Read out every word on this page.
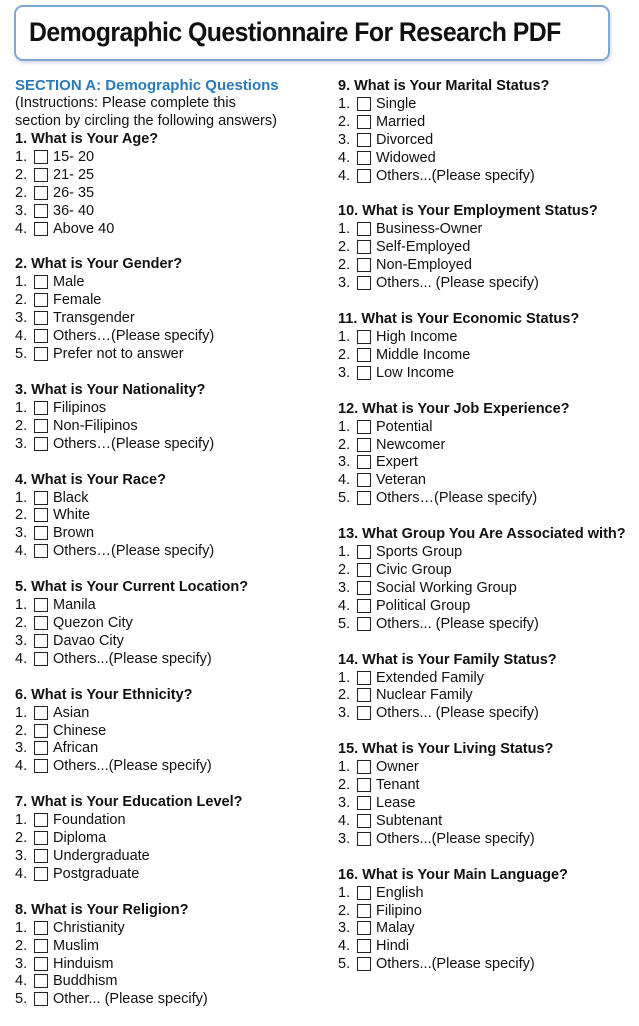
Demographic Questionnaire For Research PDF
SECTION A: Demographic Questions
(Instructions: Please complete this
section by circling the following answers)
1. What is Your Age?
1.	15- 20
2.	21- 25
2.	26- 35
3.	36- 40
4.	Above 40
2. What is Your Gender?
1.	Male
2.	Female
3.	Transgender
4.	Others…(Please specify)
5.	Prefer not to answer
3. What is Your Nationality?
1.	Filipinos
2.	Non-Filipinos
3.	Others…(Please specify)
4. What is Your Race?
1.	Black
2.	White
3.	Brown
4.	Others…(Please specify)
5. What is Your Current Location?
1.	Manila
2.	Quezon City
3.	Davao City
4.	Others...(Please specify)
6. What is Your Ethnicity?
1.	Asian
2.	Chinese
3.	African
4.	Others...(Please specify)
7. What is Your Education Level?
1.	Foundation
2.	Diploma
3.	Undergraduate
4.	Postgraduate
8. What is Your Religion?
1.	Christianity
2.	Muslim
3.	Hinduism
4.	Buddhism
5.	Other... (Please specify)
9. What is Your Marital Status?
1.	Single
2.	Married
3.	Divorced
4.	Widowed
4.	Others...(Please specify)
10. What is Your Employment Status?
1.	Business-Owner
2.	Self-Employed
2.	Non-Employed
3.	Others... (Please specify)
11. What is Your Economic Status?
1.	High Income
2.	Middle Income
3.	Low Income
12. What is Your Job Experience?
1.	Potential
2.	Newcomer
3.	Expert
4.	Veteran
5.	Others…(Please specify)
13. What Group You Are Associated with?
1.	Sports Group
2.	Civic Group
3.	Social Working Group
4.	Political Group
5.	Others... (Please specify)
14. What is Your Family Status?
1.	Extended Family
2.	Nuclear Family
3.	Others... (Please specify)
15. What is Your Living Status?
1.	Owner
2.	Tenant
3.	Lease
4.	Subtenant
3.	Others...(Please specify)
16. What is Your Main Language?
1.	English
2.	Filipino
3.	Malay
4.	Hindi
5.	Others...(Please specify)
